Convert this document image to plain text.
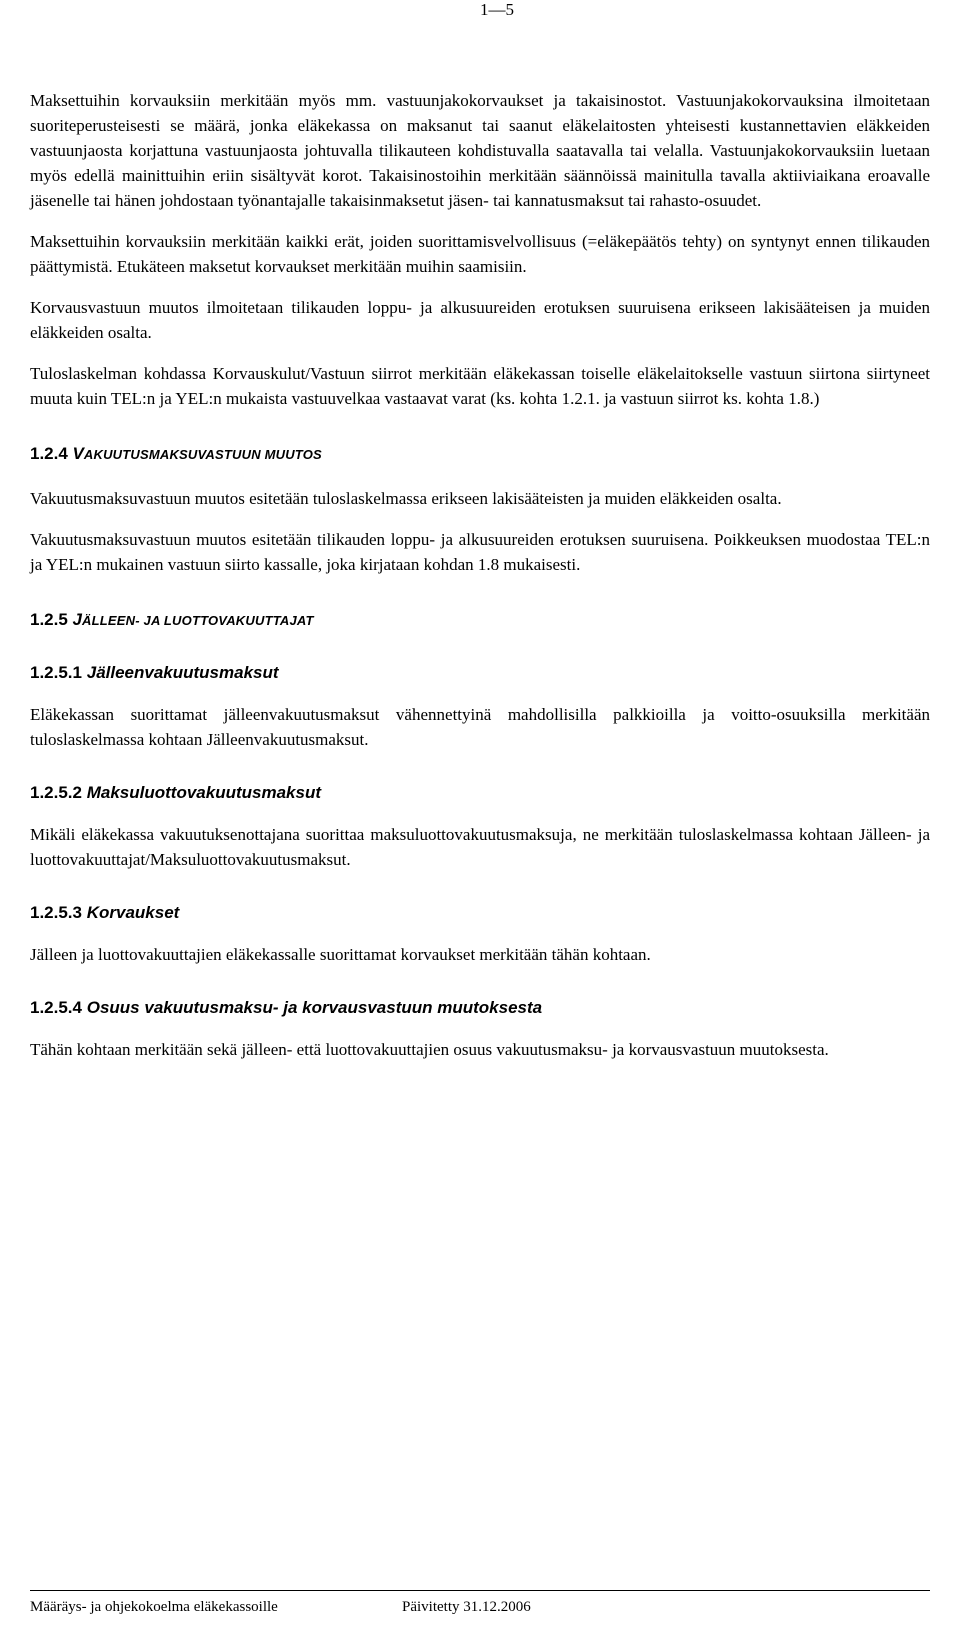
1—5

Maksettuihin korvauksiin merkitään myös mm. vastuunjakokorvaukset ja takaisinostot. Vastuunjakokorvauksina ilmoitetaan suoriteperusteisesti se määrä, jonka eläkekassa on maksanut tai saanut eläkelaitosten yhteisesti kustannettavien eläkkeiden vastuunjaosta korjattuna vastuunjaosta johtuvalla tilikauteen kohdistuvalla saatavalla tai velalla. Vastuunjakokorvauksiin luetaan myös edellä mainittuihin eriin sisältyvät korot. Takaisinostoihin merkitään säännöissä mainitulla tavalla aktiiviaikana eroavalle jäsenelle tai hänen johdostaan työnantajalle takaisinmaksetut jäsen- tai kannatusmaksut tai rahasto-osuudet.

Maksettuihin korvauksiin merkitään kaikki erät, joiden suorittamisvelvollisuus (=eläkepäätös tehty) on syntynyt ennen tilikauden päättymistä. Etukäteen maksetut korvaukset merkitään muihin saamisiin.

Korvausvastuun muutos ilmoitetaan tilikauden loppu- ja alkusuureiden erotuksen suuruisena erikseen lakisääteisen ja muiden eläkkeiden osalta.

Tuloslaskelman kohdassa Korvauskulut/Vastuun siirrot merkitään eläkekassan toiselle eläkelaitokselle vastuun siirtona siirtyneet muuta kuin TEL:n ja YEL:n mukaista vastuuvelkaa vastaavat varat (ks. kohta 1.2.1. ja vastuun siirrot ks. kohta 1.8.)

1.2.4 VAKUUTUSMAKSUVASTUUN MUUTOS

Vakuutusmaksuvastuun muutos esitetään tuloslaskelmassa erikseen lakisääteisten ja muiden eläkkeiden osalta.

Vakuutusmaksuvastuun muutos esitetään tilikauden loppu- ja alkusuureiden erotuksen suuruisena. Poikkeuksen muodostaa TEL:n ja YEL:n mukainen vastuun siirto kassalle, joka kirjataan kohdan 1.8 mukaisesti.

1.2.5 JÄLLEEN- JA LUOTTOVAKUUTTAJAT
1.2.5.1 Jälleenvakuutusmaksut

Eläkekassan suorittamat jälleenvakuutusmaksut vähennettyinä mahdollisilla palkkioilla ja voitto-osuuksilla merkitään tuloslaskelmassa kohtaan Jälleenvakuutusmaksut.

1.2.5.2 Maksuluottovakuutusmaksut

Mikäli eläkekassa vakuutuksenottajana suorittaa maksuluottovakuutusmaksuja, ne merkitään tuloslaskelmassa kohtaan Jälleen- ja luottovakuuttajat/Maksuluottovakuutusmaksut.

1.2.5.3 Korvaukset

Jälleen ja luottovakuuttajien eläkekassalle suorittamat korvaukset merkitään tähän kohtaan.

1.2.5.4 Osuus vakuutusmaksu- ja korvausvastuun muutoksesta

Tähän kohtaan merkitään sekä jälleen- että luottovakuuttajien osuus vakuutusmaksu- ja korvausvastuun muutoksesta.

Määräys- ja ohjekokoelma eläkekassoille	Päivitetty 31.12.2006
